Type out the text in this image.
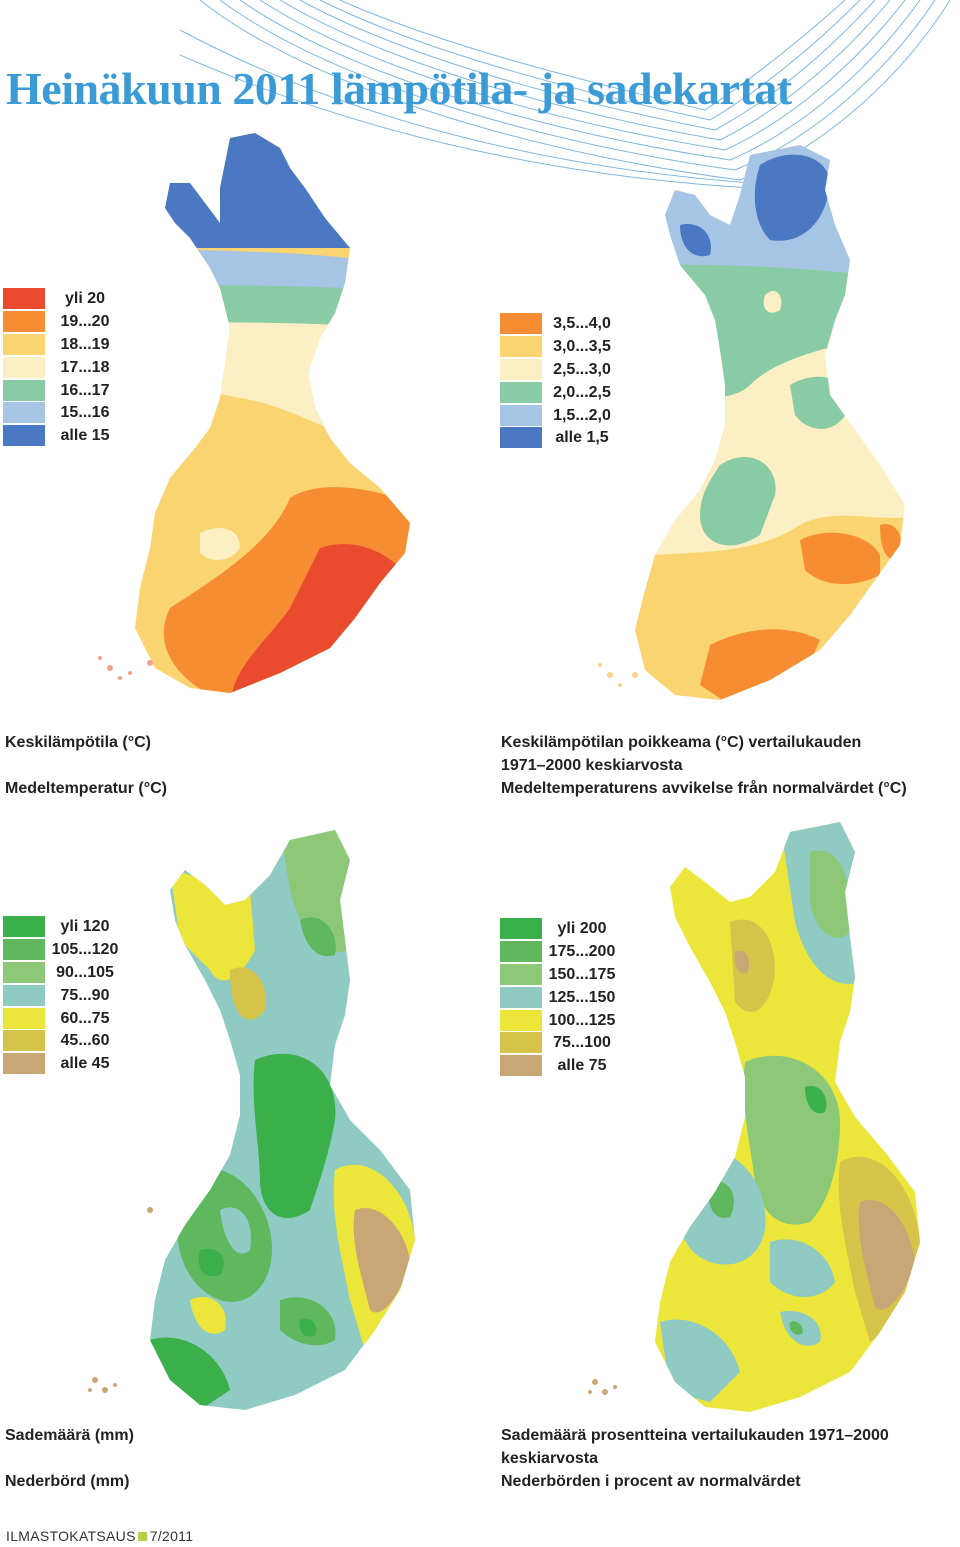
Heinäkuun 2011 lämpötila- ja sadekartat
yli 20
19...20
18...19
17...18
16...17
15...16
alle 15
3,5...4,0
3,0...3,5
2,5...3,0
2,0...2,5
1,5...2,0
alle 1,5
yli 120
105...120
90...105
75...90
60...75
45...60
alle 45
yli 200
175...200
150...175
125...150
100...125
75...100
alle 75
Keskilämpötila (°C)
Medeltemperatur (°C)
Keskilämpötilan poikkeama (°C) vertailukauden
1971–2000 keskiarvosta
Medeltemperaturens avvikelse från normalvärdet (°C)
Sademäärä (mm)
Nederbörd (mm)
Sademäärä prosentteina vertailukauden 1971–2000
keskiarvosta
Nederbörden i procent av normalvärdet
ILMASTOKATSAUS 7/2011
